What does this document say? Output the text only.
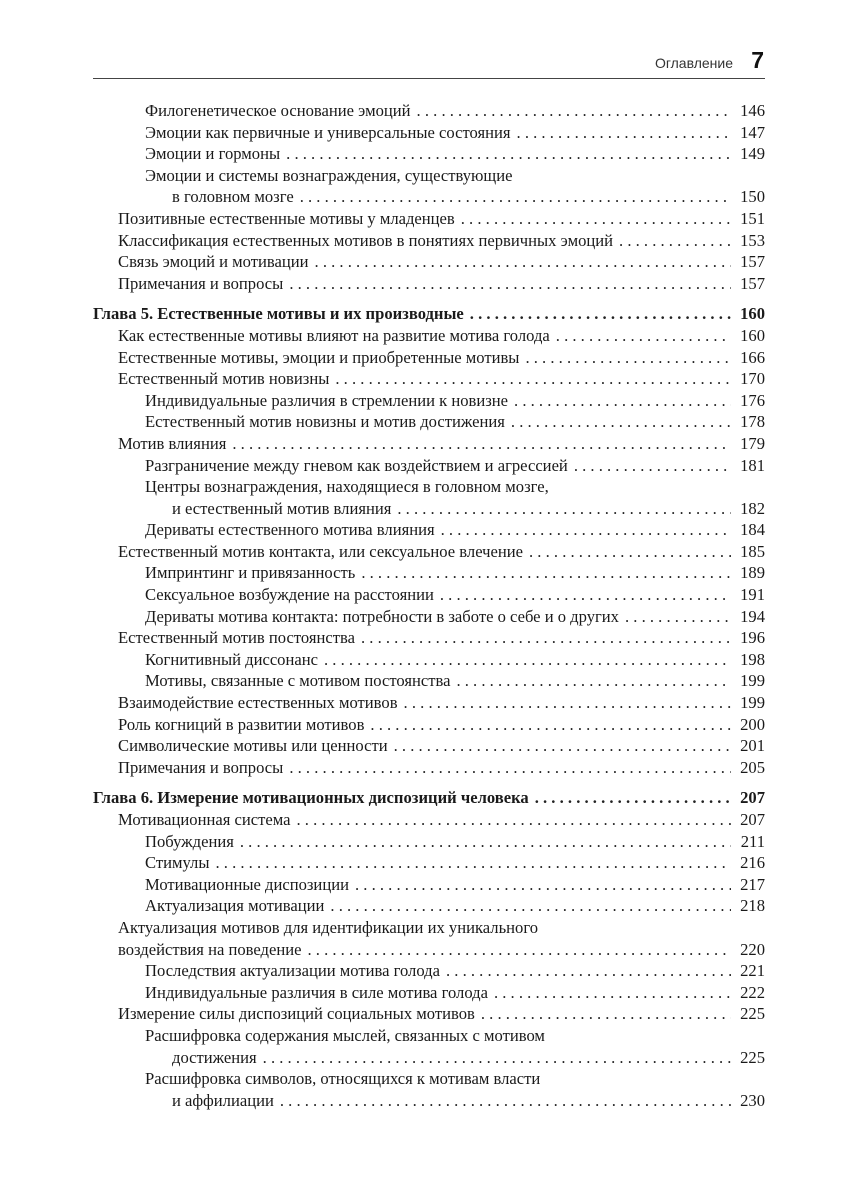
Оглавление 7
Филогенетическое основание эмоций . . .	146
Эмоции как первичные и универсальные состояния . . .	147
Эмоции и гормоны . . .	149
Эмоции и системы вознаграждения, существующие
в головном мозге . . .	150
Позитивные естественные мотивы у младенцев . . .	151
Классификация естественных мотивов в понятиях первичных эмоций . . .	153
Связь эмоций и мотивации . . .	157
Примечания и вопросы . . .	157
Глава 5. Естественные мотивы и их производные . . .	160
Как естественные мотивы влияют на развитие мотива голода . . .	160
Естественные мотивы, эмоции и приобретенные мотивы . . .	166
Естественный мотив новизны . . .	170
Индивидуальные различия в стремлении к новизне . . .	176
Естественный мотив новизны и мотив достижения . . .	178
Мотив влияния . . .	179
Разграничение между гневом как воздействием и агрессией . . .	181
Центры вознаграждения, находящиеся в головном мозге,
и естественный мотив влияния . . .	182
Дериваты естественного мотива влияния . . .	184
Естественный мотив контакта, или сексуальное влечение . . .	185
Импринтинг и привязанность . . .	189
Сексуальное возбуждение на расстоянии . . .	191
Дериваты мотива контакта: потребности в заботе о себе и о других . . .	194
Естественный мотив постоянства . . .	196
Когнитивный диссонанс . . .	198
Мотивы, связанные с мотивом постоянства . . .	199
Взаимодействие естественных мотивов . . .	199
Роль когниций в развитии мотивов . . .	200
Символические мотивы или ценности . . .	201
Примечания и вопросы . . .	205
Глава 6. Измерение мотивационных диспозиций человека . . .	207
Мотивационная система . . .	207
Побуждения . . .	211
Стимулы . . .	216
Мотивационные диспозиции . . .	217
Актуализация мотивации . . .	218
Актуализация мотивов для идентификации их уникального
воздействия на поведение . . .	220
Последствия актуализации мотива голода . . .	221
Индивидуальные различия в силе мотива голода . . .	222
Измерение силы диспозиций социальных мотивов . . .	225
Расшифровка содержания мыслей, связанных с мотивом
достижения . . .	225
Расшифровка символов, относящихся к мотивам власти
и аффилиации . . .	230
